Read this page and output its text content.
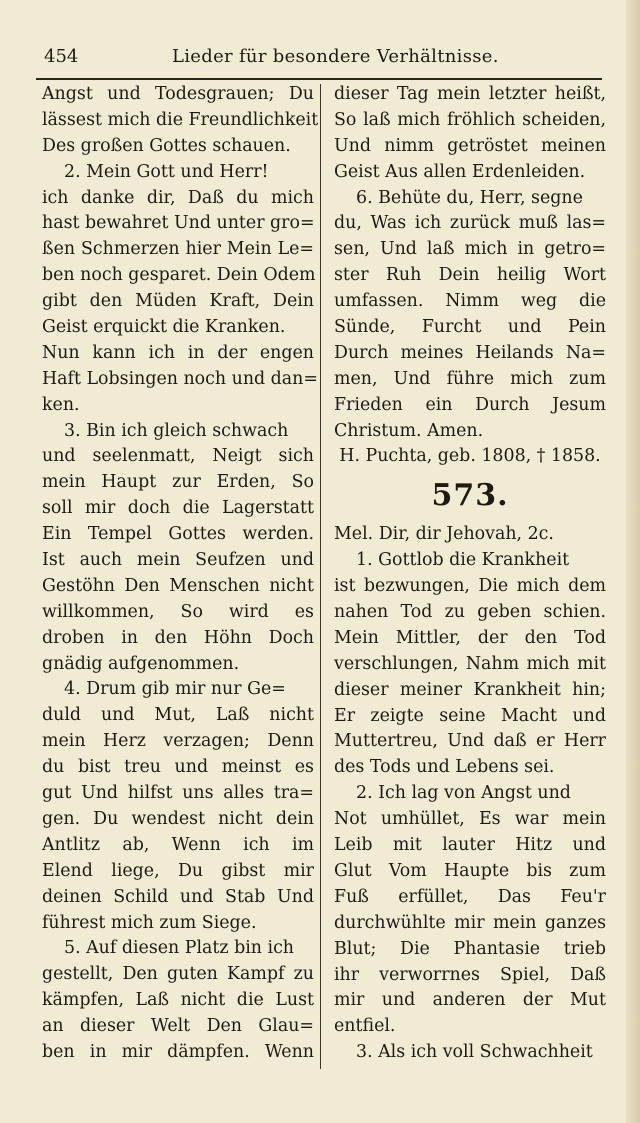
454	Lieder für besondere Verhältnisse.
Angst und Todesgrauen; Du
lässest mich die Freundlichkeit
Des großen Gottes schauen.
2. Mein Gott und Herr!
ich danke dir, Daß du mich
hast bewahret Und unter gro=
ßen Schmerzen hier Mein Le=
ben noch gesparet. Dein Odem
gibt den Müden Kraft, Dein
Geist erquickt die Kranken.
Nun kann ich in der engen
Haft Lobsingen noch und dan=
ken.
3. Bin ich gleich schwach
und seelenmatt, Neigt sich
mein Haupt zur Erden, So
soll mir doch die Lagerstatt
Ein Tempel Gottes werden.
Ist auch mein Seufzen und
Gestöhn Den Menschen nicht
willkommen, So wird es
droben in den Höhn Doch
gnädig aufgenommen.
4. Drum gib mir nur Ge=
duld und Mut, Laß nicht
mein Herz verzagen; Denn
du bist treu und meinst es
gut Und hilfst uns alles tra=
gen. Du wendest nicht dein
Antlitz ab, Wenn ich im
Elend liege, Du gibst mir
deinen Schild und Stab Und
führest mich zum Siege.
5. Auf diesen Platz bin ich
gestellt, Den guten Kampf zu
kämpfen, Laß nicht die Lust
an dieser Welt Den Glau=
ben in mir dämpfen. Wenn
dieser Tag mein letzter heißt,
So laß mich fröhlich scheiden,
Und nimm getröstet meinen
Geist Aus allen Erdenleiden.
6. Behüte du, Herr, segne
du, Was ich zurück muß las=
sen, Und laß mich in getro=
ster Ruh Dein heilig Wort
umfassen. Nimm weg die
Sünde, Furcht und Pein
Durch meines Heilands Na=
men, Und führe mich zum
Frieden ein Durch Jesum
Christum. Amen.
H. Puchta, geb. 1808, † 1858.
573.
Mel. Dir, dir Jehovah, 2c.
1. Gottlob die Krankheit
ist bezwungen, Die mich dem
nahen Tod zu geben schien.
Mein Mittler, der den Tod
verschlungen, Nahm mich mit
dieser meiner Krankheit hin;
Er zeigte seine Macht und
Muttertreu, Und daß er Herr
des Tods und Lebens sei.
2. Ich lag von Angst und
Not umhüllet, Es war mein
Leib mit lauter Hitz und
Glut Vom Haupte bis zum
Fuß erfüllet, Das Feu'r
durchwühlte mir mein ganzes
Blut; Die Phantasie trieb
ihr verworrnes Spiel, Daß
mir und anderen der Mut
entfiel.
3. Als ich voll Schwachheit
